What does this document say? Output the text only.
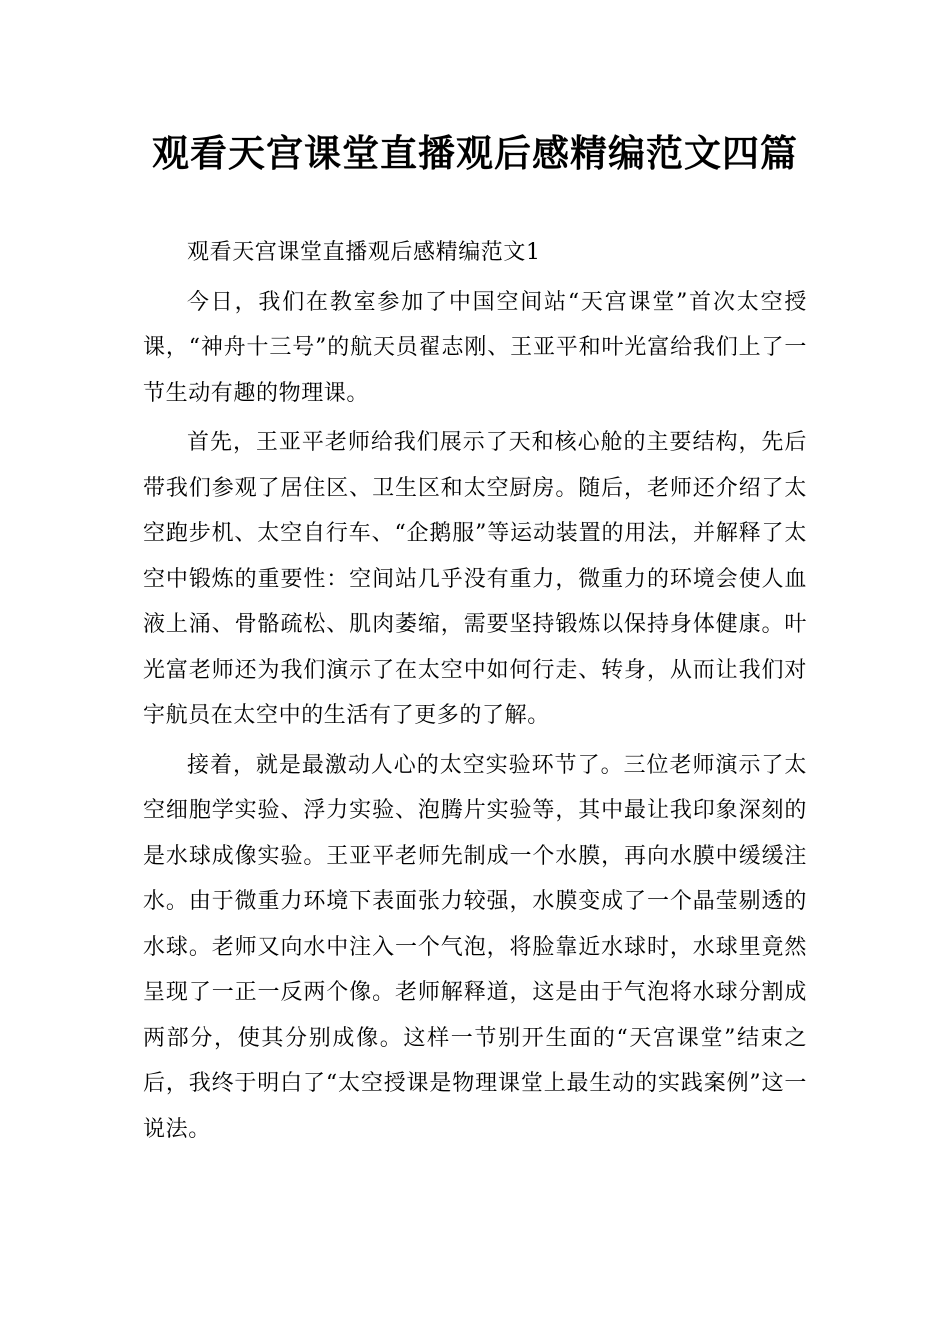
观看天宫课堂直播观后感精编范文四篇

观看天宫课堂直播观后感精编范文1

今日，我们在教室参加了中国空间站“天宫课堂”首次太空授课，“神舟十三号”的航天员翟志刚、王亚平和叶光富给我们上了一节生动有趣的物理课。

首先，王亚平老师给我们展示了天和核心舱的主要结构，先后带我们参观了居住区、卫生区和太空厨房。随后，老师还介绍了太空跑步机、太空自行车、“企鹅服”等运动装置的用法，并解释了太空中锻炼的重要性：空间站几乎没有重力，微重力的环境会使人血液上涌、骨骼疏松、肌肉萎缩，需要坚持锻炼以保持身体健康。叶光富老师还为我们演示了在太空中如何行走、转身，从而让我们对宇航员在太空中的生活有了更多的了解。

接着，就是最激动人心的太空实验环节了。三位老师演示了太空细胞学实验、浮力实验、泡腾片实验等，其中最让我印象深刻的是水球成像实验。王亚平老师先制成一个水膜，再向水膜中缓缓注水。由于微重力环境下表面张力较强，水膜变成了一个晶莹剔透的水球。老师又向水中注入一个气泡，将脸靠近水球时，水球里竟然呈现了一正一反两个像。老师解释道，这是由于气泡将水球分割成两部分，使其分别成像。这样一节别开生面的“天宫课堂”结束之后，我终于明白了“太空授课是物理课堂上最生动的实践案例”这一说法。
